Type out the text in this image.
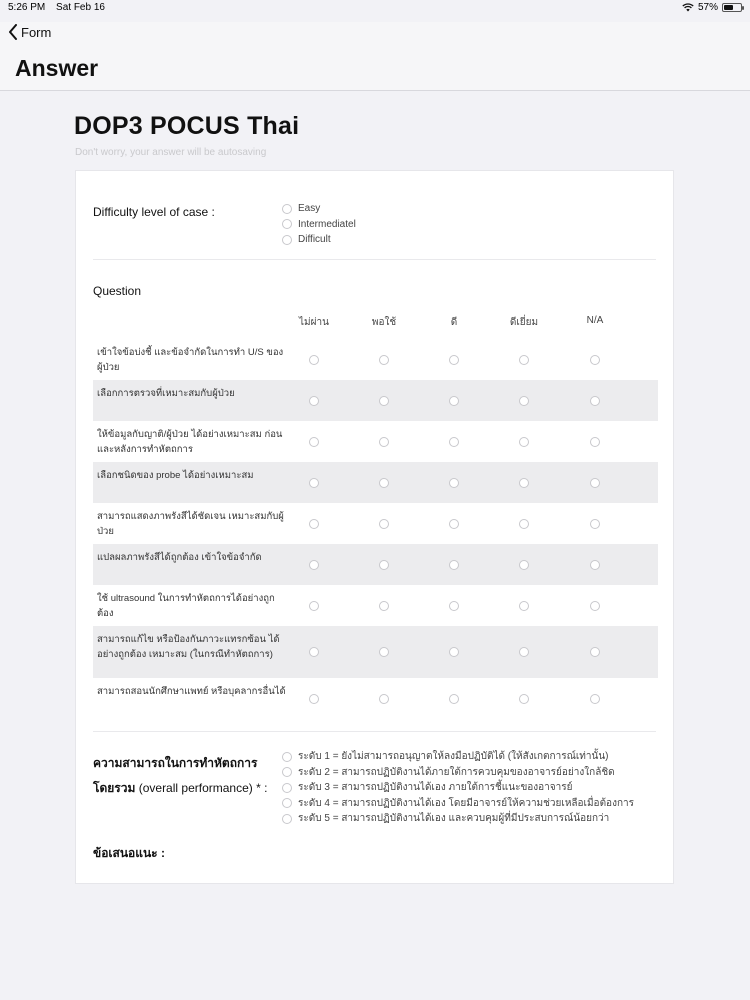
5:26 PM Sat Feb 16	57%
Form
Answer
DOP3 POCUS Thai
Don't worry, your answer will be autosaving
Difficulty level of case :	Easy
Intermediatel
Difficult
Question
ไม่ผ่าน	พอใช้	ดี	ดีเยี่ยม	N/A
เข้าใจข้อบ่งชี้ และข้อจำกัดในการทำ U/S ของผู้ป่วย
เลือกการตรวจที่เหมาะสมกับผู้ป่วย
ให้ข้อมูลกับญาติ/ผู้ป่วย ได้อย่างเหมาะสม ก่อน และหลังการทำหัตถการ
เลือกชนิดของ probe ได้อย่างเหมาะสม
สามารถแสดงภาพรังสีได้ชัดเจน เหมาะสมกับผู้ป่วย
แปลผลภาพรังสีได้ถูกต้อง เข้าใจข้อจำกัด
ใช้ ultrasound ในการทำหัตถการได้อย่างถูกต้อง
สามารถแก้ไข หรือป้องกันภาวะแทรกซ้อน ได้อย่างถูกต้อง เหมาะสม (ในกรณีทำหัตถการ)
สามารถสอนนักศึกษาแพทย์ หรือบุคลากรอื่นได้
ความสามารถในการทำหัตถการโดยรวม (overall performance) * :
ระดับ 1 = ยังไม่สามารถอนุญาตให้ลงมือปฏิบัติได้ (ให้สังเกตการณ์เท่านั้น)
ระดับ 2 = สามารถปฏิบัติงานได้ภายใต้การควบคุมของอาจารย์อย่างใกล้ชิด
ระดับ 3 = สามารถปฏิบัติงานได้เอง ภายใต้การชี้แนะของอาจารย์
ระดับ 4 = สามารถปฏิบัติงานได้เอง โดยมีอาจารย์ให้ความช่วยเหลือเมื่อต้องการ
ระดับ 5 = สามารถปฏิบัติงานได้เอง และควบคุมผู้ที่มีประสบการณ์น้อยกว่า
ข้อเสนอแนะ :
